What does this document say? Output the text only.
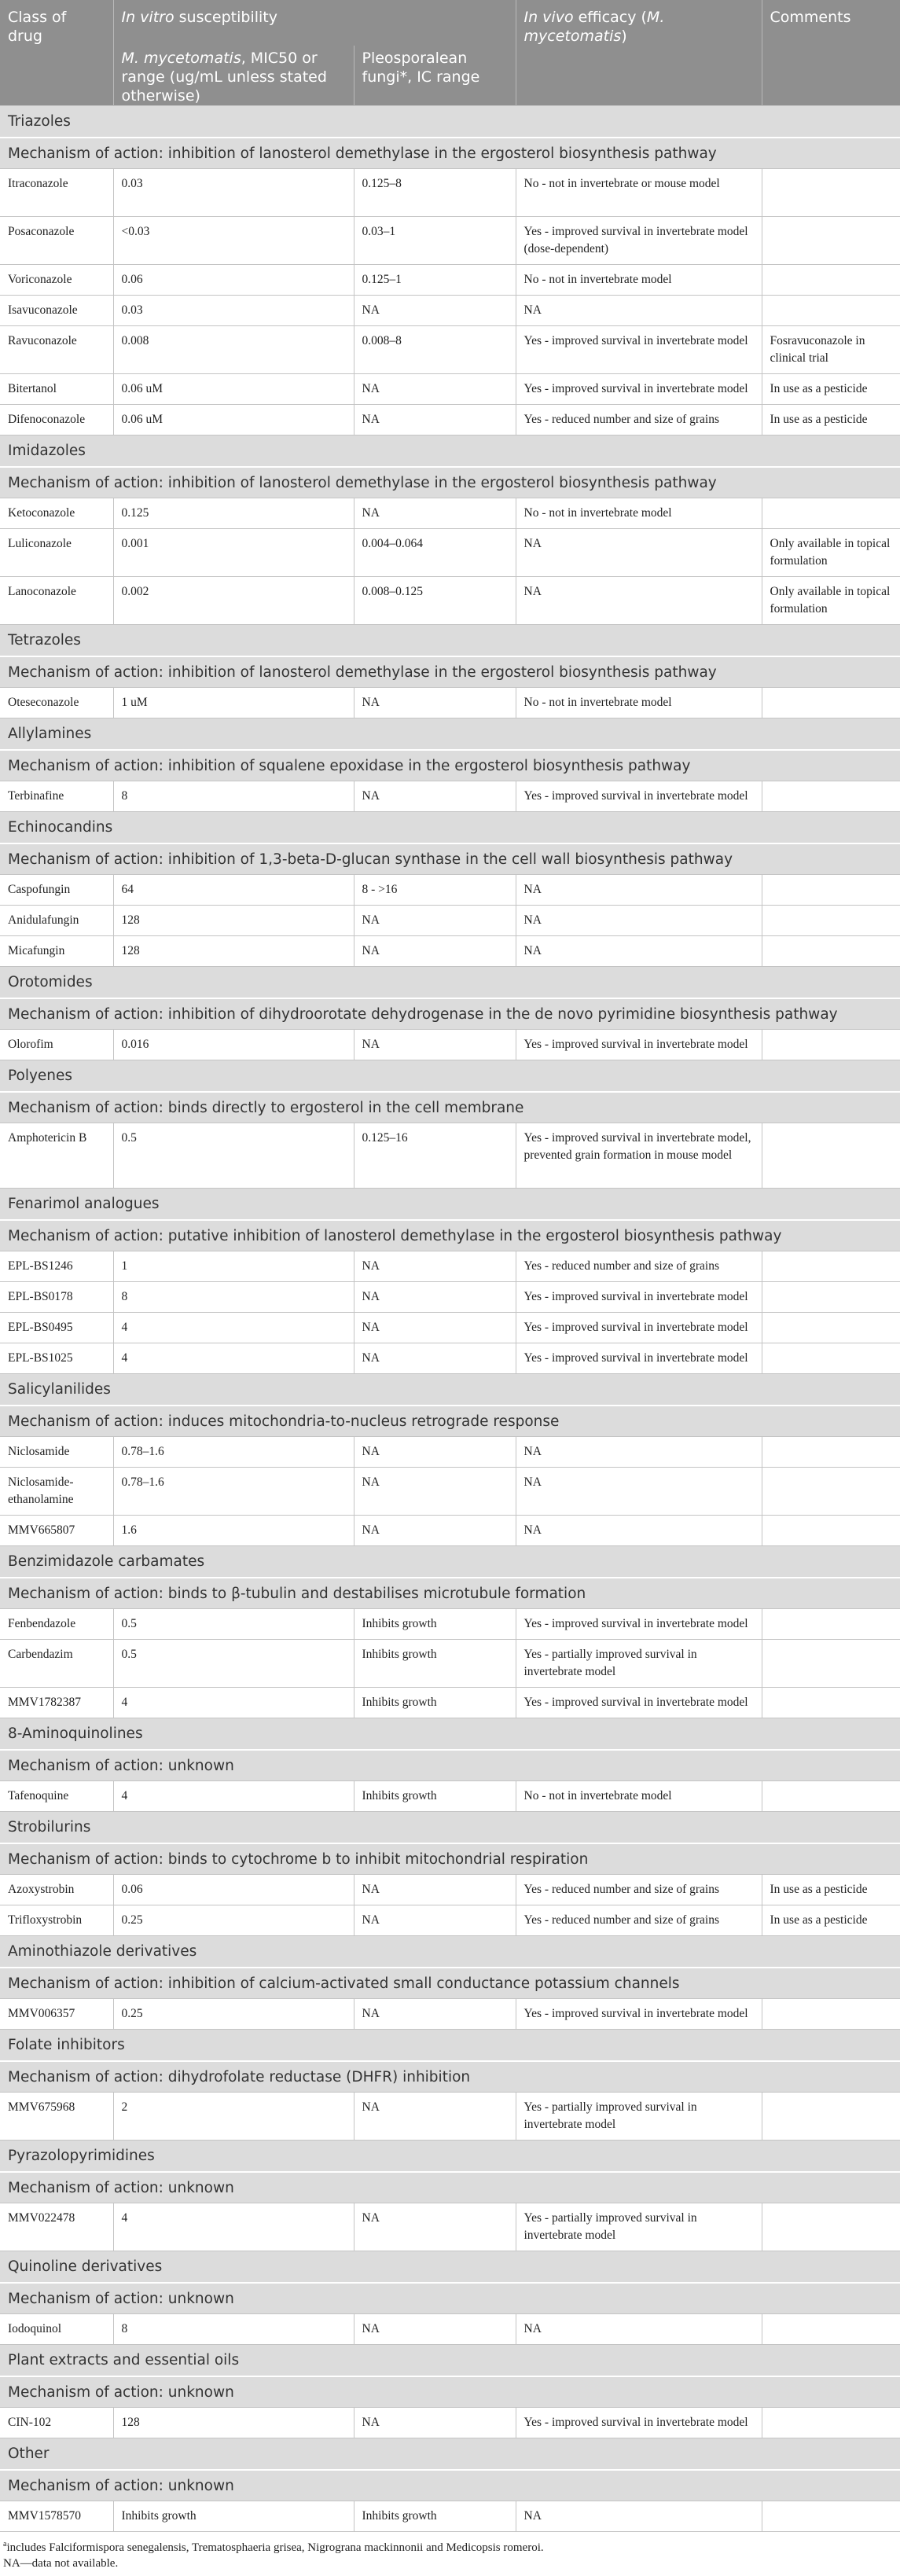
Class of drug	In vitro susceptibility		In vivo efficacy (M. mycetomatis)	Comments
	M. mycetomatis, MIC50 or range (ug/mL unless stated otherwise)	Pleosporalean fungi*, IC range		
Triazoles				
Mechanism of action: inhibition of lanosterol demethylase in the ergosterol biosynthesis pathway				
Itraconazole	0.03	0.125–8	No - not in invertebrate or mouse model	
Posaconazole	<0.03	0.03–1	Yes - improved survival in invertebrate model (dose-dependent)	
Voriconazole	0.06	0.125–1	No - not in invertebrate model	
Isavuconazole	0.03	NA	NA	
Ravuconazole	0.008	0.008–8	Yes - improved survival in invertebrate model	Fosravuconazole in clinical trial
Bitertanol	0.06 uM	NA	Yes - improved survival in invertebrate model	In use as a pesticide
Difenoconazole	0.06 uM	NA	Yes - reduced number and size of grains	In use as a pesticide
Imidazoles				
Mechanism of action: inhibition of lanosterol demethylase in the ergosterol biosynthesis pathway				
Ketoconazole	0.125	NA	No - not in invertebrate model	
Luliconazole	0.001	0.004–0.064	NA	Only available in topical formulation
Lanoconazole	0.002	0.008–0.125	NA	Only available in topical formulation
Tetrazoles				
Mechanism of action: inhibition of lanosterol demethylase in the ergosterol biosynthesis pathway				
Oteseconazole	1 uM	NA	No - not in invertebrate model	
Allylamines				
Mechanism of action: inhibition of squalene epoxidase in the ergosterol biosynthesis pathway				
Terbinafine	8	NA	Yes - improved survival in invertebrate model	
Echinocandins				
Mechanism of action: inhibition of 1,3-beta-D-glucan synthase in the cell wall biosynthesis pathway				
Caspofungin	64	8 - >16	NA	
Anidulafungin	128	NA	NA	
Micafungin	128	NA	NA	
Orotomides				
Mechanism of action: inhibition of dihydroorotate dehydrogenase in the de novo pyrimidine biosynthesis pathway				
Olorofim	0.016	NA	Yes - improved survival in invertebrate model	
Polyenes				
Mechanism of action: binds directly to ergosterol in the cell membrane				
Amphotericin B	0.5	0.125–16	Yes - improved survival in invertebrate model, prevented grain formation in mouse model	
Fenarimol analogues				
Mechanism of action: putative inhibition of lanosterol demethylase in the ergosterol biosynthesis pathway				
EPL-BS1246	1	NA	Yes - reduced number and size of grains	
EPL-BS0178	8	NA	Yes - improved survival in invertebrate model	
EPL-BS0495	4	NA	Yes - improved survival in invertebrate model	
EPL-BS1025	4	NA	Yes - improved survival in invertebrate model	
Salicylanilides				
Mechanism of action: induces mitochondria-to-nucleus retrograde response				
Niclosamide	0.78–1.6	NA	NA	
Niclosamide-ethanolamine	0.78–1.6	NA	NA	
MMV665807	1.6	NA	NA	
Benzimidazole carbamates				
Mechanism of action: binds to β-tubulin and destabilises microtubule formation				
Fenbendazole	0.5	Inhibits growth	Yes - improved survival in invertebrate model	
Carbendazim	0.5	Inhibits growth	Yes - partially improved survival in invertebrate model	
MMV1782387	4	Inhibits growth	Yes - improved survival in invertebrate model	
8-Aminoquinolines				
Mechanism of action: unknown				
Tafenoquine	4	Inhibits growth	No - not in invertebrate model	
Strobilurins				
Mechanism of action: binds to cytochrome b to inhibit mitochondrial respiration				
Azoxystrobin	0.06	NA	Yes - reduced number and size of grains	In use as a pesticide
Trifloxystrobin	0.25	NA	Yes - reduced number and size of grains	In use as a pesticide
Aminothiazole derivatives				
Mechanism of action: inhibition of calcium-activated small conductance potassium channels				
MMV006357	0.25	NA	Yes - improved survival in invertebrate model	
Folate inhibitors				
Mechanism of action: dihydrofolate reductase (DHFR) inhibition				
MMV675968	2	NA	Yes - partially improved survival in invertebrate model	
Pyrazolopyrimidines				
Mechanism of action: unknown				
MMV022478	4	NA	Yes - partially improved survival in invertebrate model	
Quinoline derivatives				
Mechanism of action: unknown				
Iodoquinol	8	NA	NA	
Plant extracts and essential oils				
Mechanism of action: unknown				
CIN-102	128	NA	Yes - improved survival in invertebrate model	
Other				
Mechanism of action: unknown				
MMV1578570	Inhibits growth	Inhibits growth	NA	
$^a$includes Falciformispora senegalensis, Trematosphaeria grisea, Nigrograna mackinnonii and Medicopsis romeroi.
NA—data not available.
